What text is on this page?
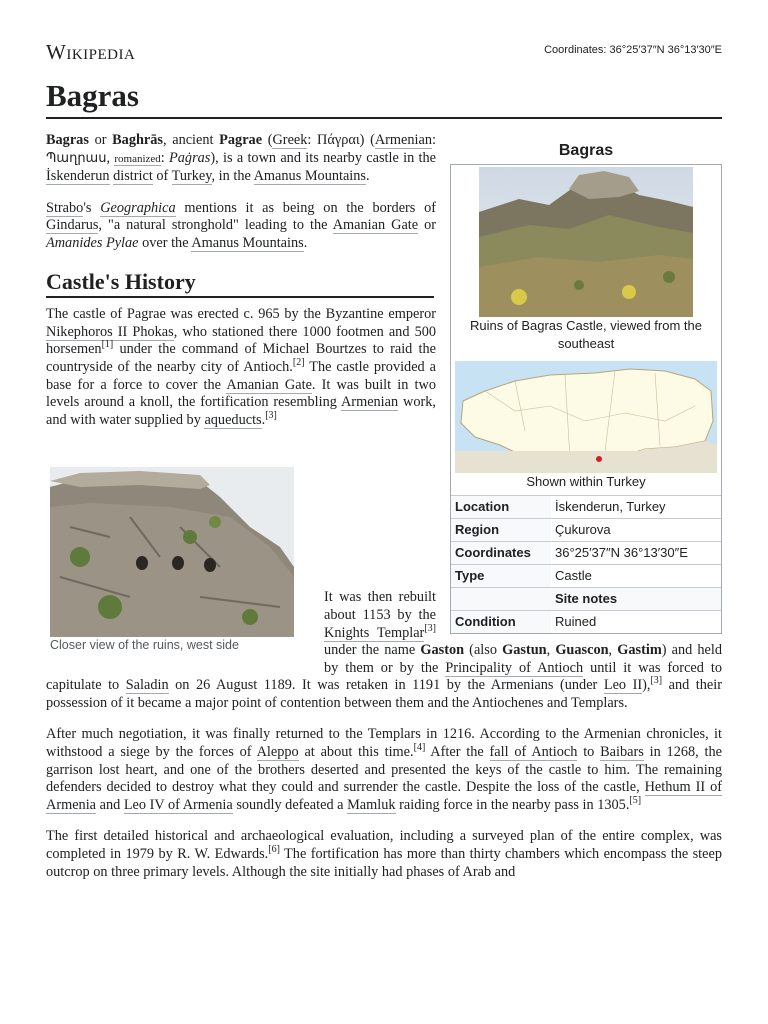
Wikipedia	Coordinates: 36°25′37″N 36°13′30″E
Bagras
Bagras
Ruins of Bagras Castle, viewed from the southeast
Shown within Turkey
Location	İskenderun, Turkey
Region	Çukurova
Coordinates	36°25′37″N 36°13′30″E
Type	Castle
Site notes
Condition	Ruined

Bagras or Baghrās, ancient Pagrae (Greek: Πάγραι) (Armenian: Պաղրաս, romanized: Paġras), is a town and its nearby castle in the İskenderun district of Turkey, in the Amanus Mountains.

Strabo's Geographica mentions it as being on the borders of Gindarus, "a natural stronghold" leading to the Amanian Gate or Amanides Pylae over the Amanus Mountains.

Castle's History

The castle of Pagrae was erected c. 965 by the Byzantine emperor Nikephoros II Phokas, who stationed there 1000 footmen and 500 horsemen[1] under the command of Michael Bourtzes to raid the countryside of the nearby city of Antioch.[2] The castle provided a base for a force to cover the Amanian Gate. It was built in two levels around a knoll, the fortification resembling Armenian work, and with water supplied by aqueducts.[3]

Closer view of the ruins, west side

It was then rebuilt about 1153 by the Knights Templar[3] under the name Gaston (also Gastun, Guascon, Gastim) and held by them or by the Principality of Antioch until it was forced to capitulate to Saladin on 26 August 1189. It was retaken in 1191 by the Armenians (under Leo II),[3] and their possession of it became a major point of contention between them and the Antiochenes and Templars.

After much negotiation, it was finally returned to the Templars in 1216. According to the Armenian chronicles, it withstood a siege by the forces of Aleppo at about this time.[4] After the fall of Antioch to Baibars in 1268, the garrison lost heart, and one of the brothers deserted and presented the keys of the castle to him. The remaining defenders decided to destroy what they could and surrender the castle. Despite the loss of the castle, Hethum II of Armenia and Leo IV of Armenia soundly defeated a Mamluk raiding force in the nearby pass in 1305.[5]

The first detailed historical and archaeological evaluation, including a surveyed plan of the entire complex, was completed in 1979 by R. W. Edwards.[6] The fortification has more than thirty chambers which encompass the steep outcrop on three primary levels. Although the site initially had phases of Arab and
